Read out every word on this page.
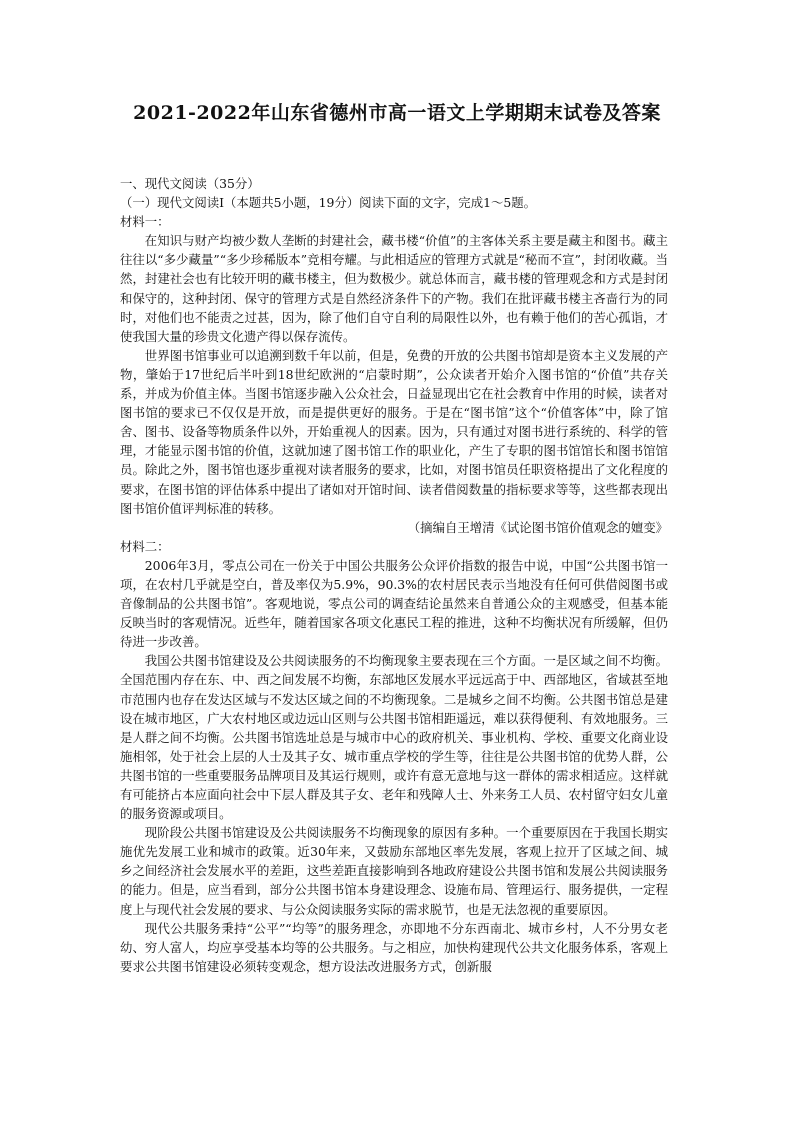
2021-2022年山东省德州市高一语文上学期期末试卷及答案

一、现代文阅读（35分）

（一）现代文阅读Ⅰ（本题共5小题，19分）阅读下面的文字，完成1～5题。

材料一：

在知识与财产均被少数人垄断的封建社会，藏书楼“价值”的主客体关系主要是藏主和图书。藏主往往以“多少藏量”“多少珍稀版本”竞相夸耀。与此相适应的管理方式就是“秘而不宣”，封闭收藏。当然，封建社会也有比较开明的藏书楼主，但为数极少。就总体而言，藏书楼的管理观念和方式是封闭和保守的，这种封闭、保守的管理方式是自然经济条件下的产物。我们在批评藏书楼主吝啬行为的同时，对他们也不能责之过甚，因为，除了他们自守自利的局限性以外，也有赖于他们的苦心孤诣，才使我国大量的珍贵文化遗产得以保存流传。

世界图书馆事业可以追溯到数千年以前，但是，免费的开放的公共图书馆却是资本主义发展的产物，肇始于17世纪后半叶到18世纪欧洲的“启蒙时期”，公众读者开始介入图书馆的“价值”共存关系，并成为价值主体。当图书馆逐步融入公众社会，日益显现出它在社会教育中作用的时候，读者对图书馆的要求已不仅仅是开放，而是提供更好的服务。于是在“图书馆”这个“价值客体”中，除了馆舍、图书、设备等物质条件以外，开始重视人的因素。因为，只有通过对图书进行系统的、科学的管理，才能显示图书馆的价值，这就加速了图书馆工作的职业化，产生了专职的图书馆馆长和图书馆馆员。除此之外，图书馆也逐步重视对读者服务的要求，比如，对图书馆员任职资格提出了文化程度的要求，在图书馆的评估体系中提出了诸如对开馆时间、读者借阅数量的指标要求等等，这些都表现出图书馆价值评判标准的转移。

（摘编自王增清《试论图书馆价值观念的嬗变》

材料二：

2006年3月，零点公司在一份关于中国公共服务公众评价指数的报告中说，中国“公共图书馆一项，在农村几乎就是空白，普及率仅为5.9%，90.3%的农村居民表示当地没有任何可供借阅图书或音像制品的公共图书馆”。客观地说，零点公司的调查结论虽然来自普通公众的主观感受，但基本能反映当时的客观情况。近些年，随着国家各项文化惠民工程的推进，这种不均衡状况有所缓解，但仍待进一步改善。

我国公共图书馆建设及公共阅读服务的不均衡现象主要表现在三个方面。一是区域之间不均衡。全国范围内存在东、中、西之间发展不均衡，东部地区发展水平远远高于中、西部地区，省域甚至地市范围内也存在发达区域与不发达区域之间的不均衡现象。二是城乡之间不均衡。公共图书馆总是建设在城市地区，广大农村地区或边远山区则与公共图书馆相距遥远，难以获得便利、有效地服务。三是人群之间不均衡。公共图书馆选址总是与城市中心的政府机关、事业机构、学校、重要文化商业设施相邻，处于社会上层的人士及其子女、城市重点学校的学生等，往往是公共图书馆的优势人群，公共图书馆的一些重要服务品牌项目及其运行规则，或许有意无意地与这一群体的需求相适应。这样就有可能挤占本应面向社会中下层人群及其子女、老年和残障人士、外来务工人员、农村留守妇女儿童的服务资源或项目。

现阶段公共图书馆建设及公共阅读服务不均衡现象的原因有多种。一个重要原因在于我国长期实施优先发展工业和城市的政策。近30年来，又鼓励东部地区率先发展，客观上拉开了区域之间、城乡之间经济社会发展水平的差距，这些差距直接影响到各地政府建设公共图书馆和发展公共阅读服务的能力。但是，应当看到，部分公共图书馆本身建设理念、设施布局、管理运行、服务提供，一定程度上与现代社会发展的要求、与公众阅读服务实际的需求脱节，也是无法忽视的重要原因。

现代公共服务秉持“公平”“均等”的服务理念，亦即地不分东西南北、城市乡村，人不分男女老幼、穷人富人，均应享受基本均等的公共服务。与之相应，加快构建现代公共文化服务体系，客观上要求公共图书馆建设必须转变观念，想方设法改进服务方式，创新服
